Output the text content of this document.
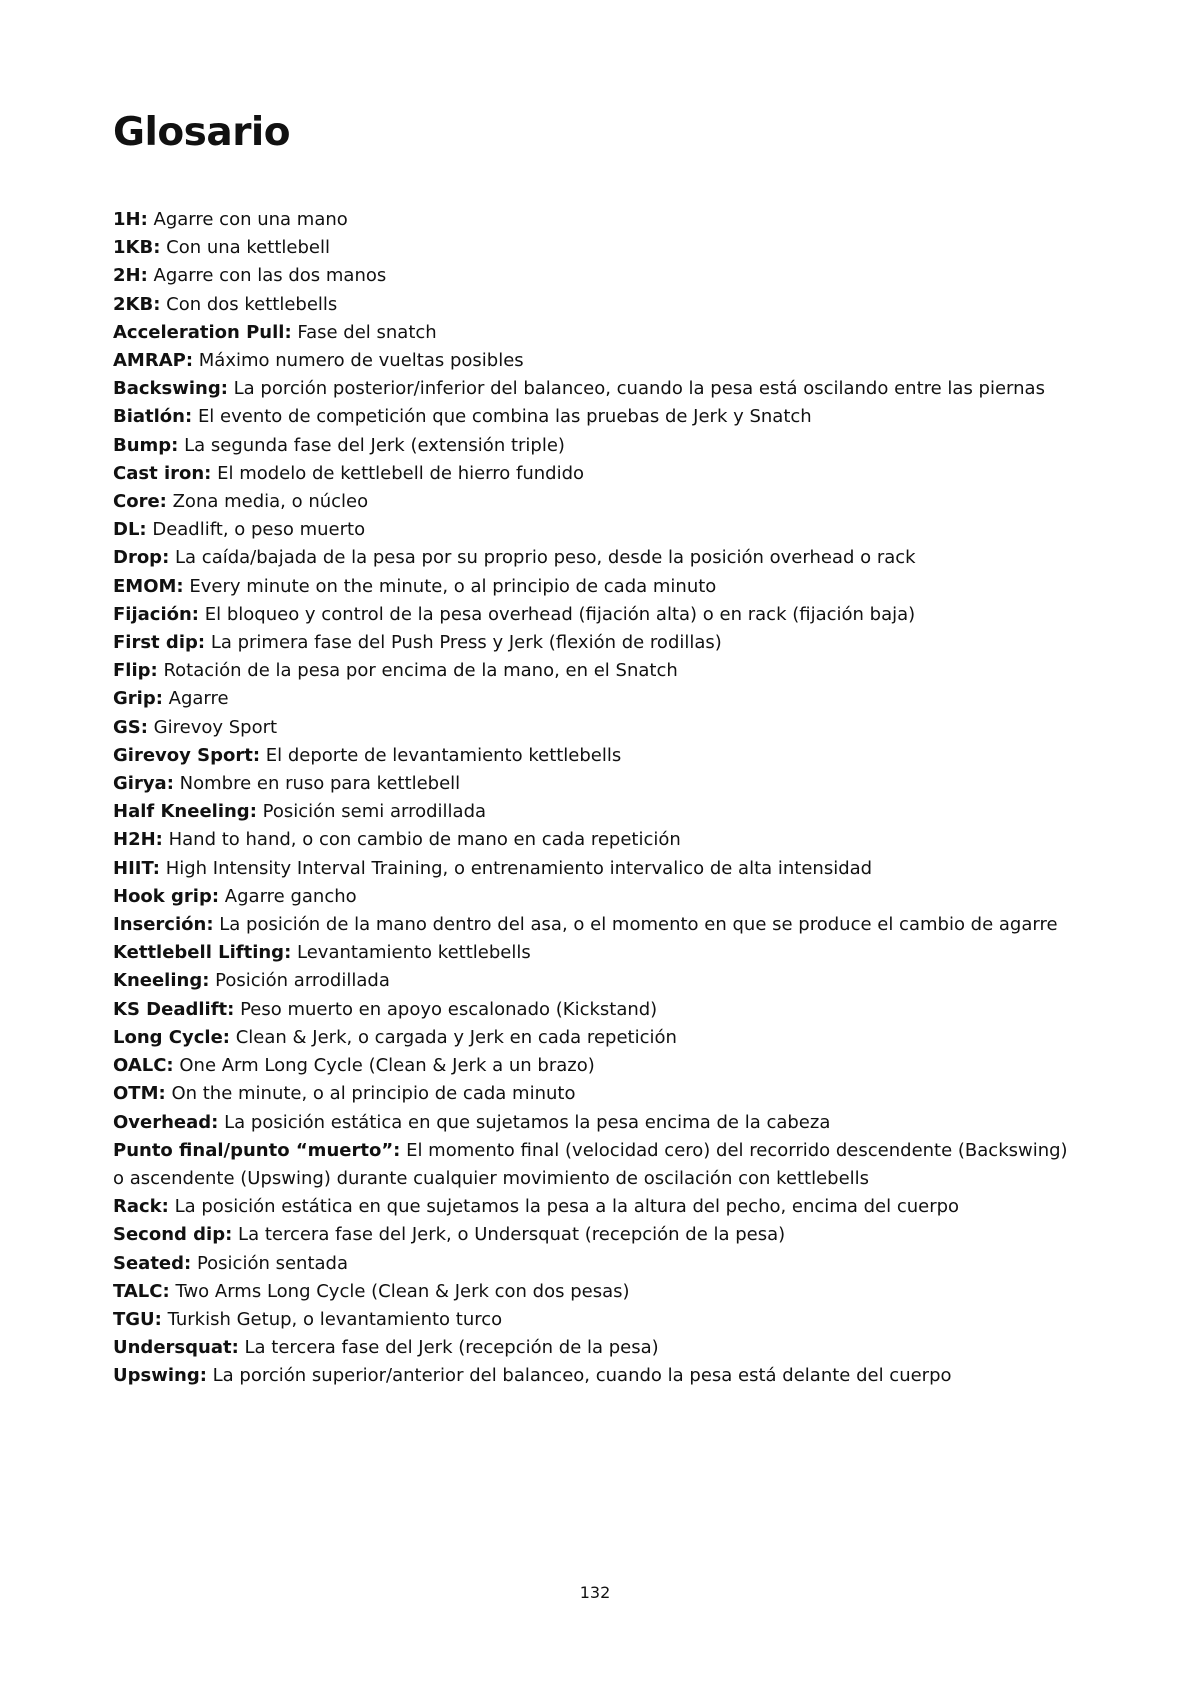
Glosario
1H: Agarre con una mano
1KB: Con una kettlebell
2H: Agarre con las dos manos
2KB: Con dos kettlebells
Acceleration Pull: Fase del snatch
AMRAP: Máximo numero de vueltas posibles
Backswing: La porción posterior/inferior del balanceo, cuando la pesa está oscilando entre las piernas
Biatlón: El evento de competición que combina las pruebas de Jerk y Snatch
Bump: La segunda fase del Jerk (extensión triple)
Cast iron: El modelo de kettlebell de hierro fundido
Core: Zona media, o núcleo
DL: Deadlift, o peso muerto
Drop: La caída/bajada de la pesa por su proprio peso, desde la posición overhead o rack
EMOM: Every minute on the minute, o al principio de cada minuto
Fijación: El bloqueo y control de la pesa overhead (fijación alta) o en rack (fijación baja)
First dip: La primera fase del Push Press y Jerk (flexión de rodillas)
Flip: Rotación de la pesa por encima de la mano, en el Snatch
Grip: Agarre
GS: Girevoy Sport
Girevoy Sport: El deporte de levantamiento kettlebells
Girya: Nombre en ruso para kettlebell
Half Kneeling: Posición semi arrodillada
H2H: Hand to hand, o con cambio de mano en cada repetición
HIIT: High Intensity Interval Training, o entrenamiento intervalico de alta intensidad
Hook grip: Agarre gancho
Inserción: La posición de la mano dentro del asa, o el momento en que se produce el cambio de agarre
Kettlebell Lifting: Levantamiento kettlebells
Kneeling: Posición arrodillada
KS Deadlift: Peso muerto en apoyo escalonado (Kickstand)
Long Cycle: Clean & Jerk, o cargada y Jerk en cada repetición
OALC: One Arm Long Cycle (Clean & Jerk a un brazo)
OTM: On the minute, o al principio de cada minuto
Overhead: La posición estática en que sujetamos la pesa encima de la cabeza
Punto final/punto “muerto”: El momento final (velocidad cero) del recorrido descendente (Backswing) o ascendente (Upswing) durante cualquier movimiento de oscilación con kettlebells
Rack: La posición estática en que sujetamos la pesa a la altura del pecho, encima del cuerpo
Second dip: La tercera fase del Jerk, o Undersquat (recepción de la pesa)
Seated: Posición sentada
TALC: Two Arms Long Cycle (Clean & Jerk con dos pesas)
TGU: Turkish Getup, o levantamiento turco
Undersquat: La tercera fase del Jerk (recepción de la pesa)
Upswing: La porción superior/anterior del balanceo, cuando la pesa está delante del cuerpo
132
